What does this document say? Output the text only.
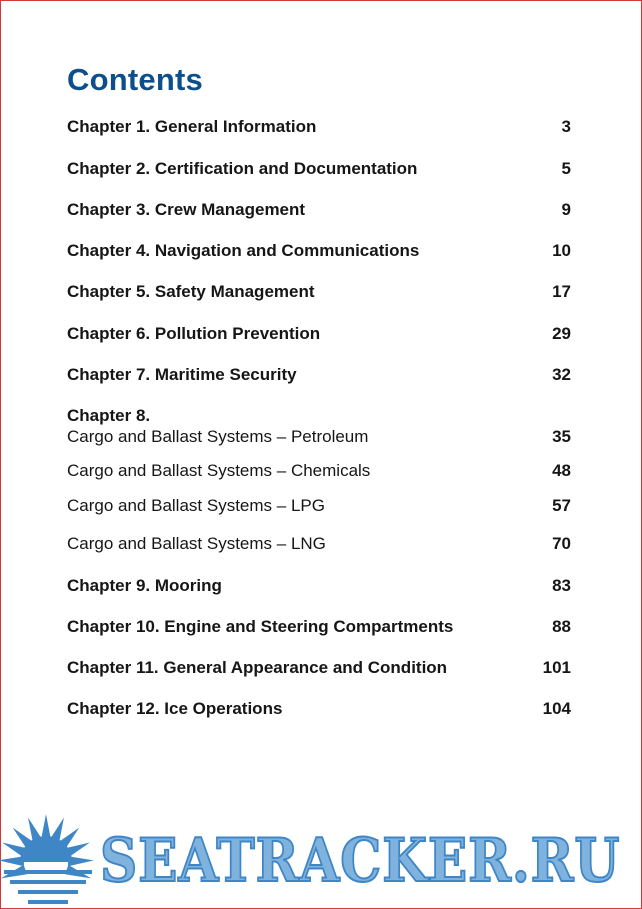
Contents
Chapter 1. General Information	3
Chapter 2. Certification and Documentation	5
Chapter 3. Crew Management	9
Chapter 4. Navigation and Communications	10
Chapter 5. Safety Management	17
Chapter 6. Pollution Prevention	29
Chapter 7. Maritime Security	32
Chapter 8.
Cargo and Ballast Systems – Petroleum	35
Cargo and Ballast Systems – Chemicals	48
Cargo and Ballast Systems – LPG	57
Cargo and Ballast Systems – LNG	70
Chapter 9. Mooring	83
Chapter 10. Engine and Steering Compartments	88
Chapter 11. General Appearance and Condition	101
Chapter 12. Ice Operations	104
SEATRACKER.RU
